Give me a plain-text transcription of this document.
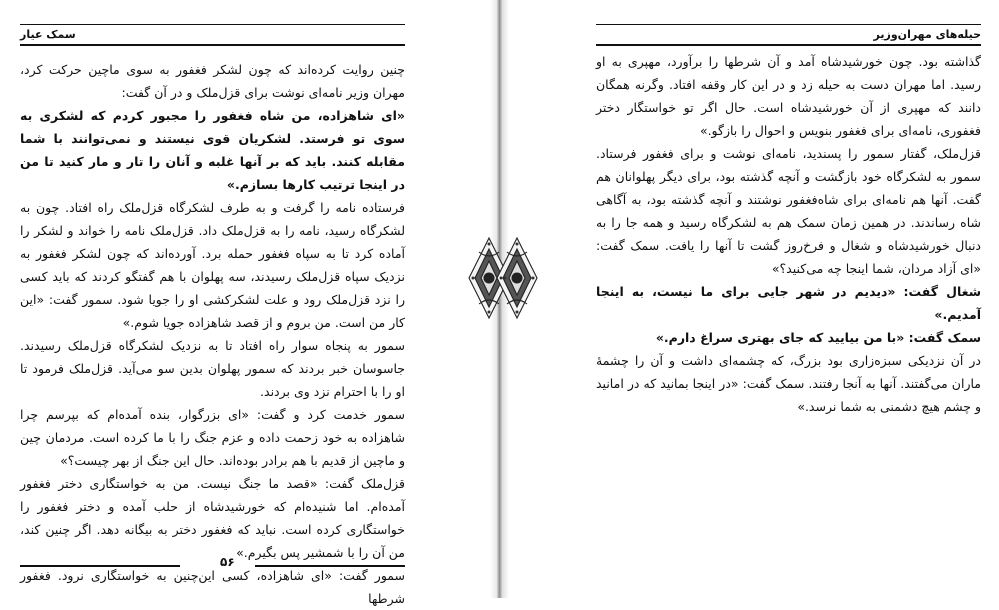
سمک عیار

چنین روایت کرده‌اند که چون لشکر فغفور به سوی ماچین حرکت کرد، مهران وزیر نامه‌ای نوشت برای قزل‌ملک و در آن گفت:

«ای شاهزاده، من شاه فغفور را مجبور کردم که لشکری به سوی تو فرستد. لشکریان قوی نیستند و نمی‌توانند با شما مقابله کنند. باید که بر آنها غلبه و آنان را تار و مار کنید تا من در اینجا ترتیب کارها بسازم.»

فرستاده نامه را گرفت و به طرف لشکرگاه قزل‌ملک راه افتاد. چون به لشکرگاه رسید، نامه را به قزل‌ملک داد. قزل‌ملک نامه را خواند و لشکر را آماده کرد تا به سپاه فغفور حمله برد. آورده‌اند که چون لشکر فغفور به نزدیک سپاه قزل‌ملک رسیدند، سه پهلوان با هم گفتگو کردند که باید کسی را نزد قزل‌ملک رود و علت لشکرکشی او را جویا شود. سمور گفت: «این کار من است. من بروم و از قصد شاهزاده جویا شوم.»

سمور به پنجاه سوار راه افتاد تا به نزدیک لشکرگاه قزل‌ملک رسیدند. جاسوسان خبر بردند که سمور پهلوان بدین سو می‌آید. قزل‌ملک فرمود تا او را با احترام نزد وی بردند.

سمور خدمت کرد و گفت: «ای بزرگوار، بنده آمده‌ام که بپرسم چرا شاهزاده به خود زحمت داده و عزم جنگ را با ما کرده است. مردمان چین و ماچین از قدیم با هم برادر بوده‌اند. حال این جنگ از بهر چیست؟»

قزل‌ملک گفت: «قصد ما جنگ نیست. من به خواستگاری دختر فغفور آمده‌ام. اما شنیده‌ام که خورشیدشاه از حلب آمده و دختر فغفور را خواستگاری کرده است. نباید که فغفور دختر به بیگانه دهد. اگر چنین کند، من آن را با شمشیر پس بگیرم.»

سمور گفت: «ای شاهزاده، کسی این‌چنین به خواستگاری نرود. فغفور شرطها

۵۶
حیله‌های مهران‌وزیر

گذاشته بود. چون خورشیدشاه آمد و آن شرطها را برآورد، مهپری به او رسید. اما مهران دست به حیله زد و در این کار وقفه افتاد. وگرنه همگان دانند که مهپری از آن خورشیدشاه است. حال اگر تو خواستگار دختر فغفوری، نامه‌ای برای فغفور بنویس و احوال را بازگو.»

قزل‌ملک، گفتار سمور را پسندید، نامه‌ای نوشت و برای فغفور فرستاد. سمور به لشکرگاه خود بازگشت و آنچه گذشته بود، برای دیگر پهلوانان هم گفت. آنها هم نامه‌ای برای شاه‌فغفور نوشتند و آنچه گذشته بود، به آگاهی شاه رساندند. در همین زمان سمک هم به لشکرگاه رسید و همه جا را به دنبال خورشیدشاه و شغال و فرخ‌روز گشت تا آنها را یافت. سمک گفت: «ای آزاد مردان، شما اینجا چه می‌کنید؟»

شغال گفت: «دیدیم در شهر جایی برای ما نیست، به اینجا آمدیم.»

سمک گفت: «با من بیایید که جای بهتری سراغ دارم.»

در آن نزدیکی سبزه‌زاری بود بزرگ، که چشمه‌ای داشت و آن را چشمهٔ ماران می‌گفتند. آنها به آنجا رفتند. سمک گفت: «در اینجا بمانید که در امانید و چشم هیچ دشمنی به شما نرسد.»
